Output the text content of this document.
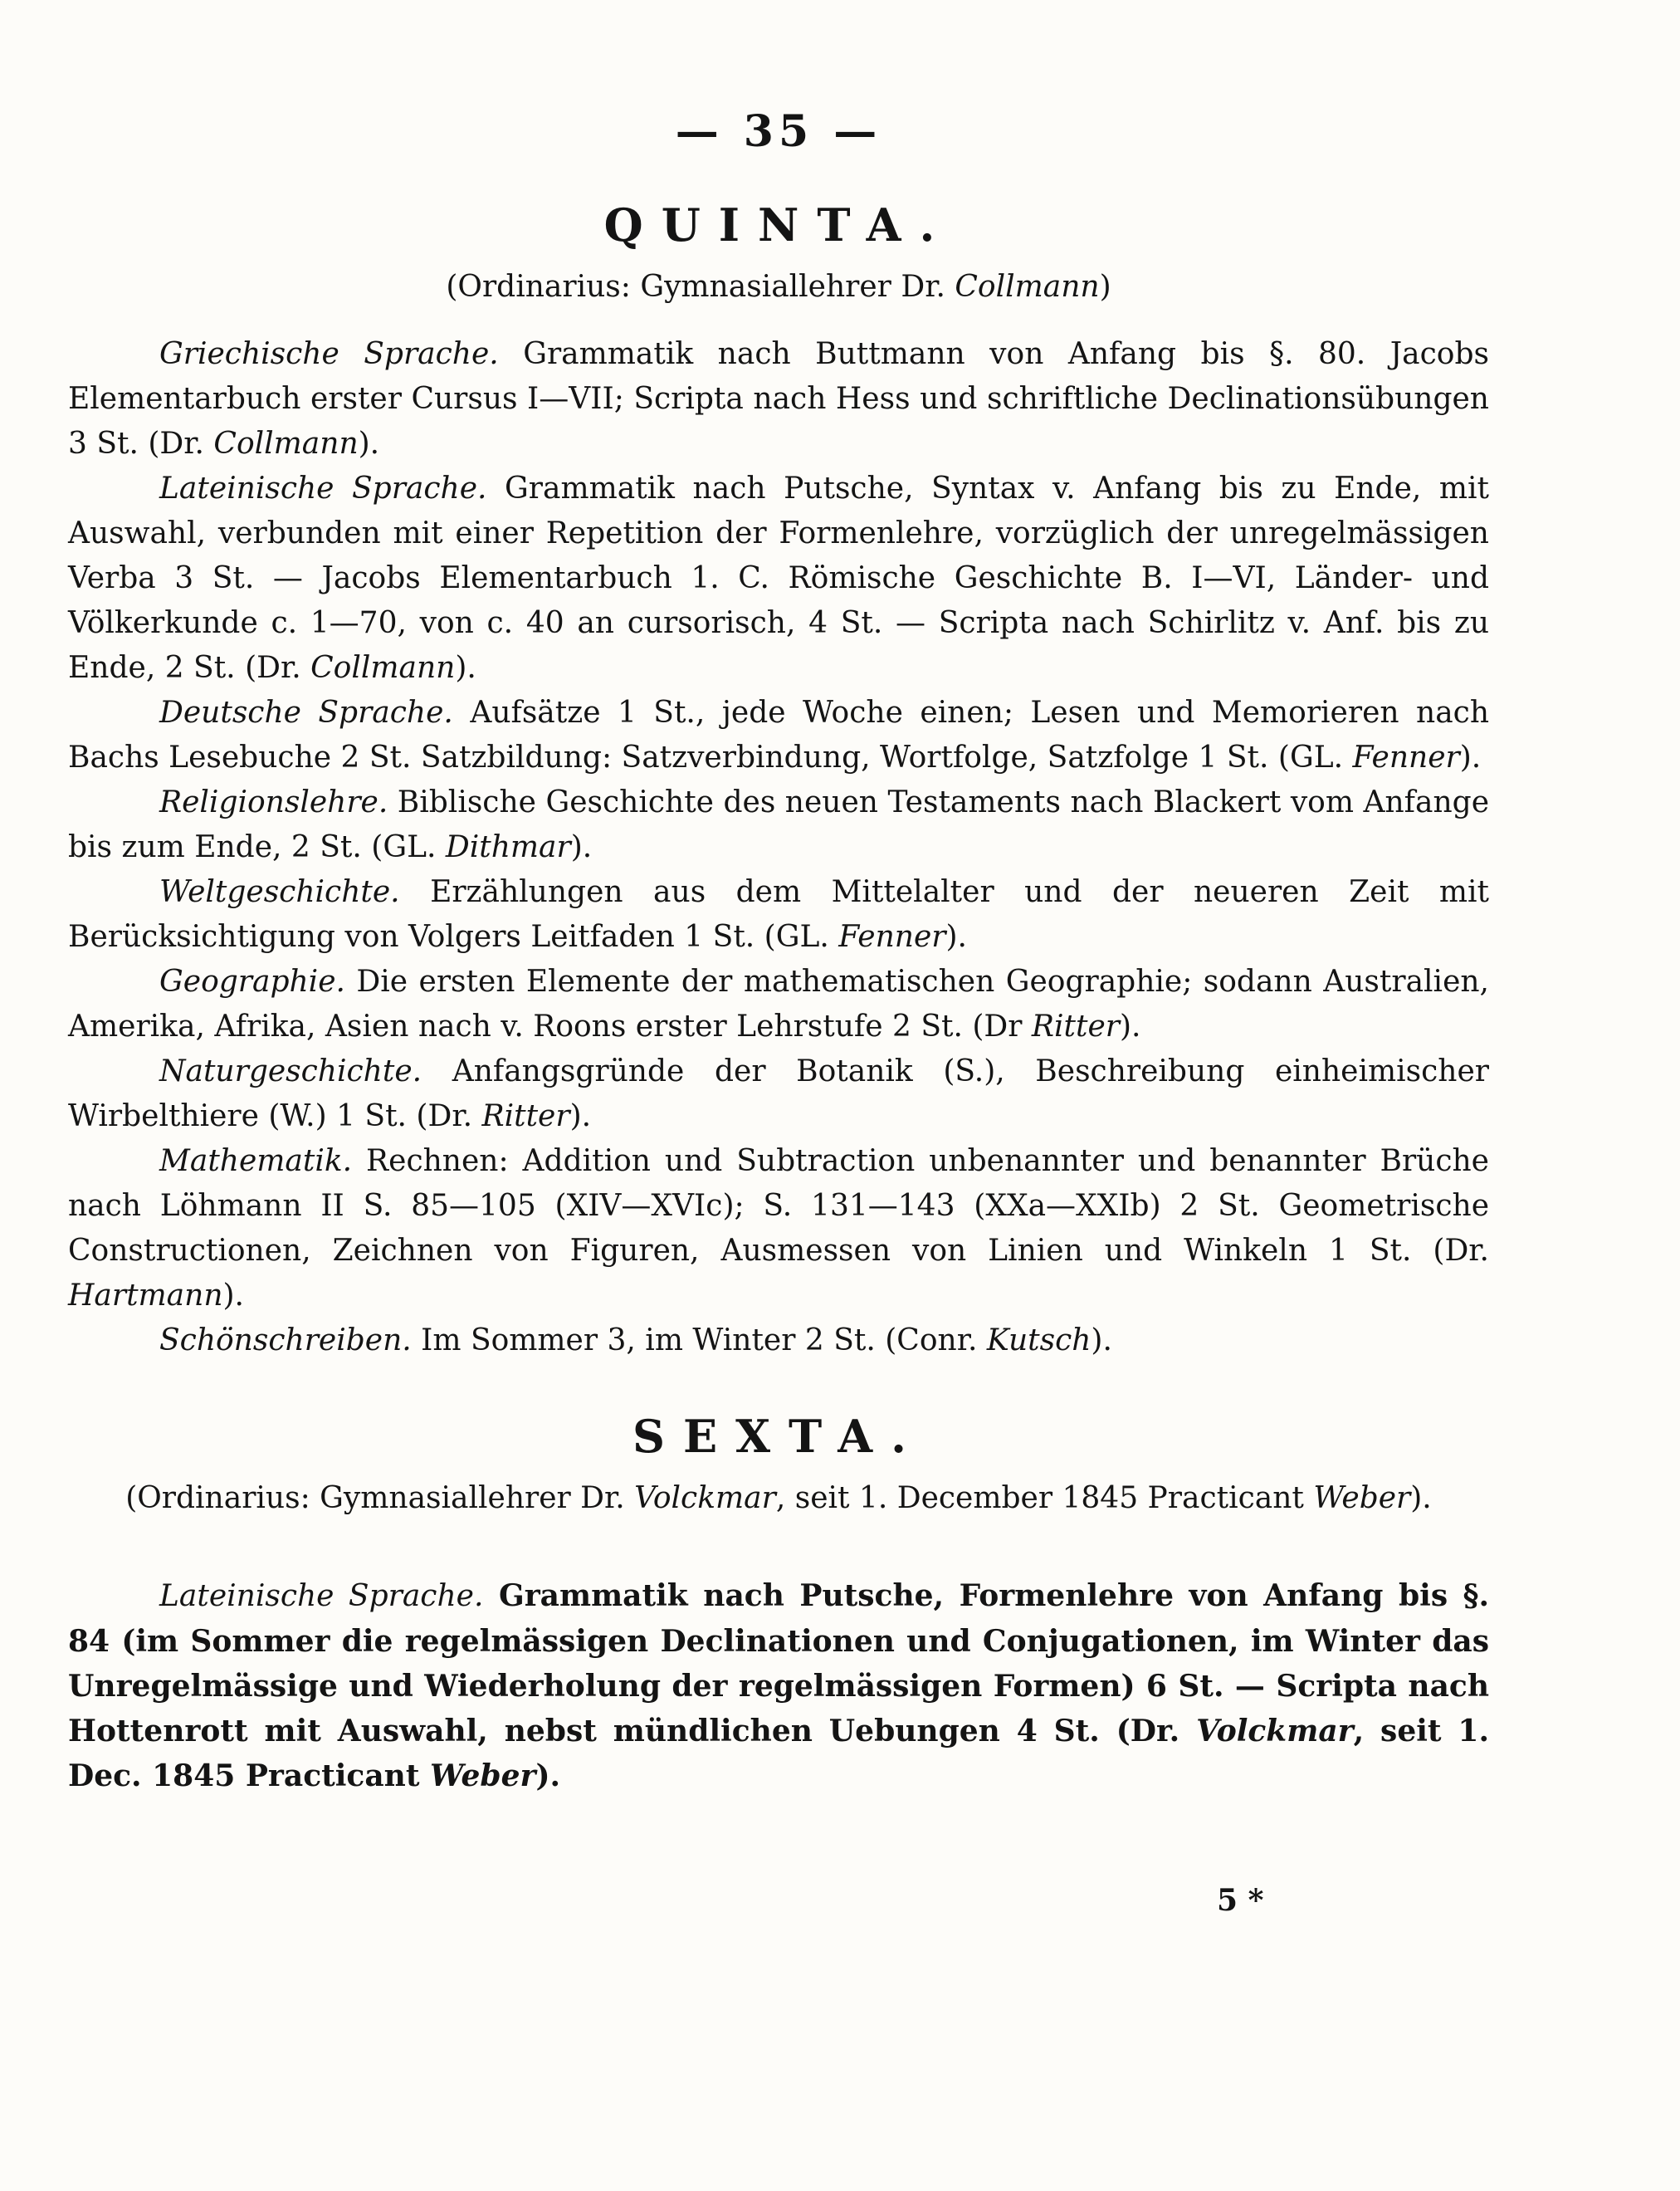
— 35 —
QUINTA.
(Ordinarius: Gymnasiallehrer Dr. Collmann)

Griechische Sprache. Grammatik nach Buttmann von Anfang bis §. 80. Jacobs Elementarbuch erster Cursus I—VII; Scripta nach Hess und schriftliche Declinationsübungen 3 St. (Dr. Collmann).

Lateinische Sprache. Grammatik nach Putsche, Syntax v. Anfang bis zu Ende, mit Auswahl, verbunden mit einer Repetition der Formenlehre, vorzüglich der unregelmässigen Verba 3 St. — Jacobs Elementarbuch 1. C. Römische Geschichte B. I—VI, Länder- und Völkerkunde c. 1—70, von c. 40 an cursorisch, 4 St. — Scripta nach Schirlitz v. Anf. bis zu Ende, 2 St. (Dr. Collmann).

Deutsche Sprache. Aufsätze 1 St., jede Woche einen; Lesen und Memorieren nach Bachs Lesebuche 2 St. Satzbildung: Satzverbindung, Wortfolge, Satzfolge 1 St. (GL. Fenner).

Religionslehre. Biblische Geschichte des neuen Testaments nach Blackert vom Anfange bis zum Ende, 2 St. (GL. Dithmar).

Weltgeschichte. Erzählungen aus dem Mittelalter und der neueren Zeit mit Berücksichtigung von Volgers Leitfaden 1 St. (GL. Fenner).

Geographie. Die ersten Elemente der mathematischen Geographie; sodann Australien, Amerika, Afrika, Asien nach v. Roons erster Lehrstufe 2 St. (Dr Ritter).

Naturgeschichte. Anfangsgründe der Botanik (S.), Beschreibung einheimischer Wirbelthiere (W.) 1 St. (Dr. Ritter).

Mathematik. Rechnen: Addition und Subtraction unbenannter und benannter Brüche nach Löhmann II S. 85—105 (XIV—XVIc); S. 131—143 (XXa—XXIb) 2 St. Geometrische Constructionen, Zeichnen von Figuren, Ausmessen von Linien und Winkeln 1 St. (Dr. Hartmann).

Schönschreiben. Im Sommer 3, im Winter 2 St. (Conr. Kutsch).

SEXTA.
(Ordinarius: Gymnasiallehrer Dr. Volckmar, seit 1. December 1845 Practicant Weber).

Lateinische Sprache. Grammatik nach Putsche, Formenlehre von Anfang bis §. 84 (im Sommer die regelmässigen Declinationen und Conjugationen, im Winter das Unregelmässige und Wiederholung der regelmässigen Formen) 6 St. — Scripta nach Hottenrott mit Auswahl, nebst mündlichen Uebungen 4 St. (Dr. Volckmar, seit 1. Dec. 1845 Practicant Weber).

5 *
